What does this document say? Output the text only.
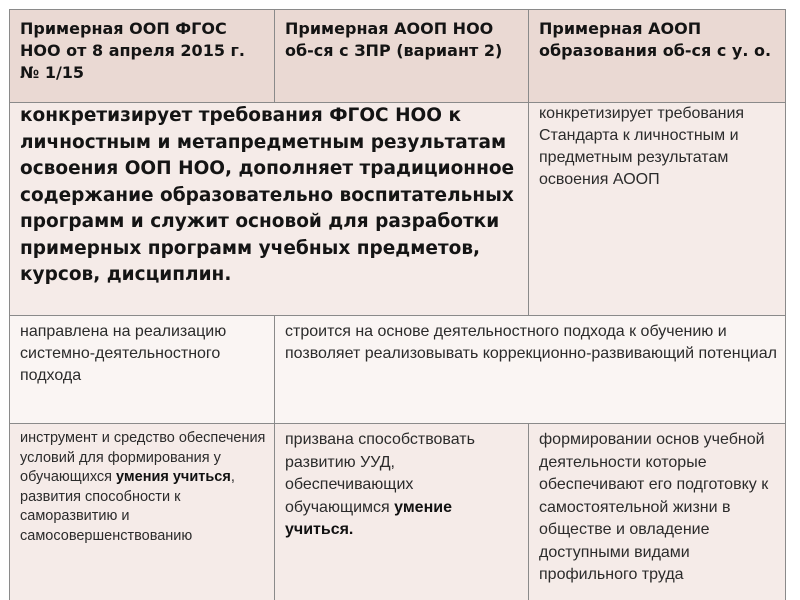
Примерная ООП ФГОС НОО от 8 апреля 2015 г. № 1/15	Примерная АООП НОО об-ся с ЗПР (вариант 2)	Примерная АООП образования об-ся с у. о.
конкретизирует требования ФГОС НОО к личностным и метапредметным результатам освоения ООП НОО, дополняет традиционное содержание образовательно воспитательных программ и служит основой для разработки примерных программ учебных предметов, курсов, дисциплин.		конкретизирует требования Стандарта к личностным и предметным результатам освоения АООП
направлена на реализацию системно-деятельностного подхода	строится на основе деятельностного подхода к обучению и позволяет реализовывать коррекционно-развивающий потенциал	
инструмент и средство обеспечения условий для формирования у обучающихся умения учиться, развития способности к саморазвитию и самосовершенствованию	призвана способствовать развитию УУД, обеспечивающих обучающимся умение учиться.	формировании основ учебной деятельности которые обеспечивают его подготовку к самостоятельной жизни в обществе и овладение доступными видами профильного труда
